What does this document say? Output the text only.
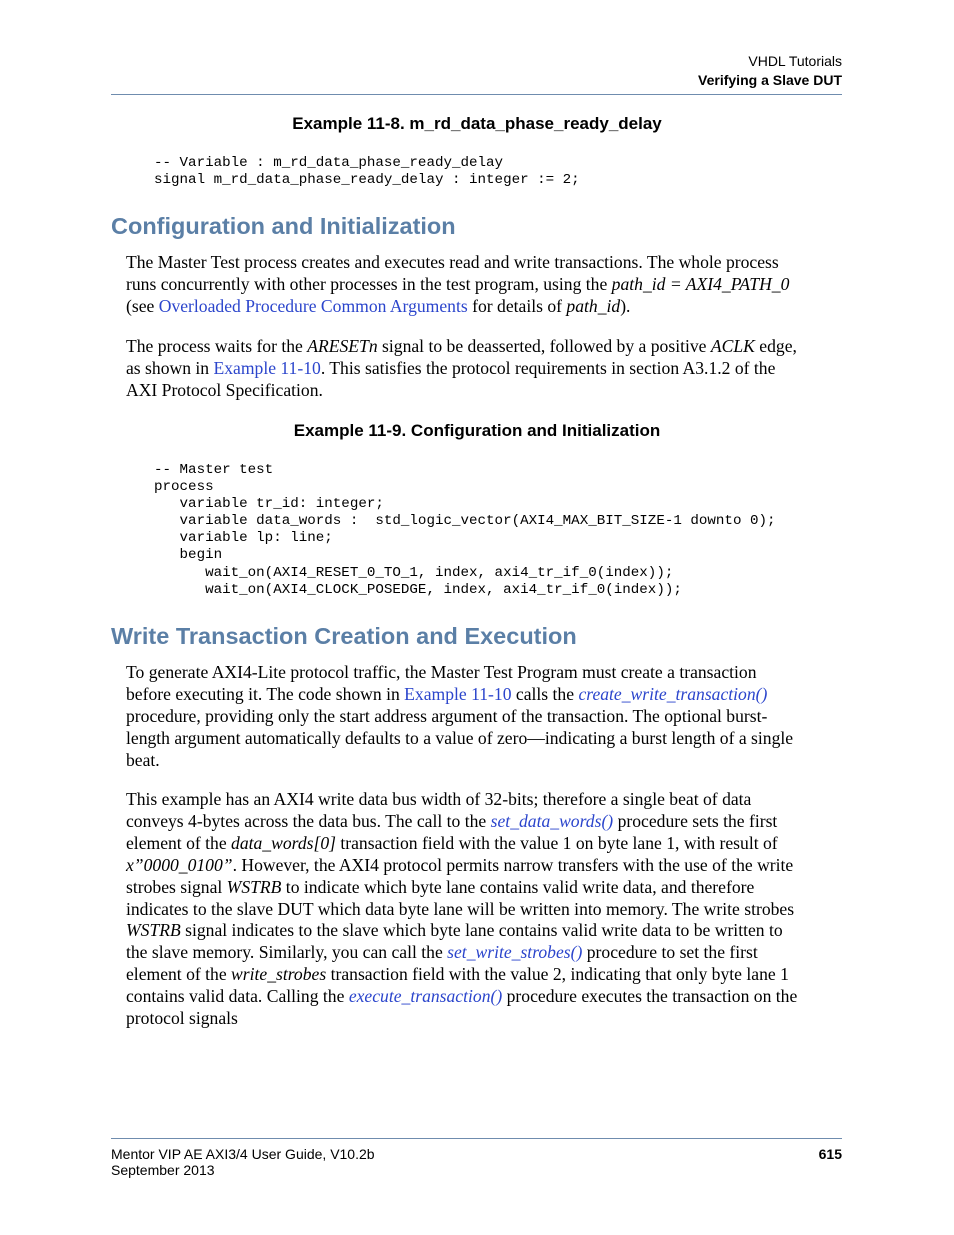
VHDL Tutorials
Verifying a Slave DUT
Example 11-8. m_rd_data_phase_ready_delay
-- Variable : m_rd_data_phase_ready_delay
signal m_rd_data_phase_ready_delay : integer := 2;
Configuration and Initialization
The Master Test process creates and executes read and write transactions. The whole process
runs concurrently with other processes in the test program, using the path_id = AXI4_PATH_0
(see Overloaded Procedure Common Arguments for details of path_id).
The process waits for the ARESETn signal to be deasserted, followed by a positive ACLK edge,
as shown in Example 11-10. This satisfies the protocol requirements in section A3.1.2 of the
AXI Protocol Specification.
Example 11-9. Configuration and Initialization
-- Master test
process
variable tr_id: integer;
variable data_words :  std_logic_vector(AXI4_MAX_BIT_SIZE-1 downto 0);
variable lp: line;
begin
wait_on(AXI4_RESET_0_TO_1, index, axi4_tr_if_0(index));
wait_on(AXI4_CLOCK_POSEDGE, index, axi4_tr_if_0(index));
Write Transaction Creation and Execution
To generate AXI4-Lite protocol traffic, the Master Test Program must create a transaction
before executing it. The code shown in Example 11-10 calls the create_write_transaction()
procedure, providing only the start address argument of the transaction. The optional burst-
length argument automatically defaults to a value of zero—indicating a burst length of a single
beat.
This example has an AXI4 write data bus width of 32-bits; therefore a single beat of data
conveys 4-bytes across the data bus. The call to the set_data_words() procedure sets the first
element of the data_words[0] transaction field with the value 1 on byte lane 1, with result of
x”0000_0100”. However, the AXI4 protocol permits narrow transfers with the use of the write
strobes signal WSTRB to indicate which byte lane contains valid write data, and therefore
indicates to the slave DUT which data byte lane will be written into memory. The write strobes
WSTRB signal indicates to the slave which byte lane contains valid write data to be written to
the slave memory. Similarly, you can call the set_write_strobes() procedure to set the first
element of the write_strobes transaction field with the value 2, indicating that only byte lane 1
contains valid data. Calling the execute_transaction() procedure executes the transaction on the
protocol signals
Mentor VIP AE AXI3/4 User Guide, V10.2b
September 2013
615
